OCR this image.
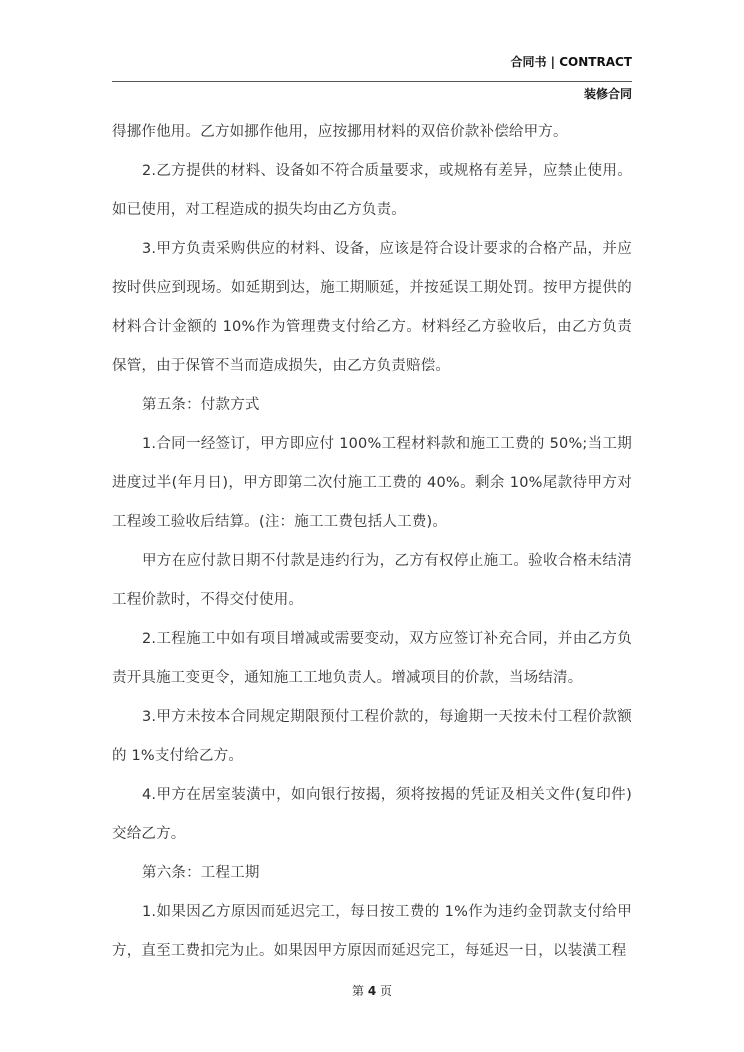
合同书 | CONTRACT
装修合同

得挪作他用。乙方如挪作他用，应按挪用材料的双倍价款补偿给甲方。

2.乙方提供的材料、设备如不符合质量要求，或规格有差异，应禁止使用。如已使用，对工程造成的损失均由乙方负责。

3.甲方负责采购供应的材料、设备，应该是符合设计要求的合格产品，并应按时供应到现场。如延期到达，施工期顺延，并按延误工期处罚。按甲方提供的材料合计金额的 10%作为管理费支付给乙方。材料经乙方验收后，由乙方负责保管，由于保管不当而造成损失，由乙方负责赔偿。

第五条：付款方式

1.合同一经签订，甲方即应付 100%工程材料款和施工工费的 50%;当工期进度过半(年月日)，甲方即第二次付施工工费的 40%。剩余 10%尾款待甲方对工程竣工验收后结算。(注：施工工费包括人工费)。

甲方在应付款日期不付款是违约行为，乙方有权停止施工。验收合格未结清工程价款时，不得交付使用。

2.工程施工中如有项目增减或需要变动，双方应签订补充合同，并由乙方负责开具施工变更令，通知施工工地负责人。增减项目的价款，当场结清。

3.甲方未按本合同规定期限预付工程价款的，每逾期一天按未付工程价款额的 1%支付给乙方。

4.甲方在居室装潢中，如向银行按揭，须将按揭的凭证及相关文件(复印件)交给乙方。

第六条：工程工期

1.如果因乙方原因而延迟完工，每日按工费的 1%作为违约金罚款支付给甲方，直至工费扣完为止。如果因甲方原因而延迟完工，每延迟一日，以装潢工程

第 4 页
